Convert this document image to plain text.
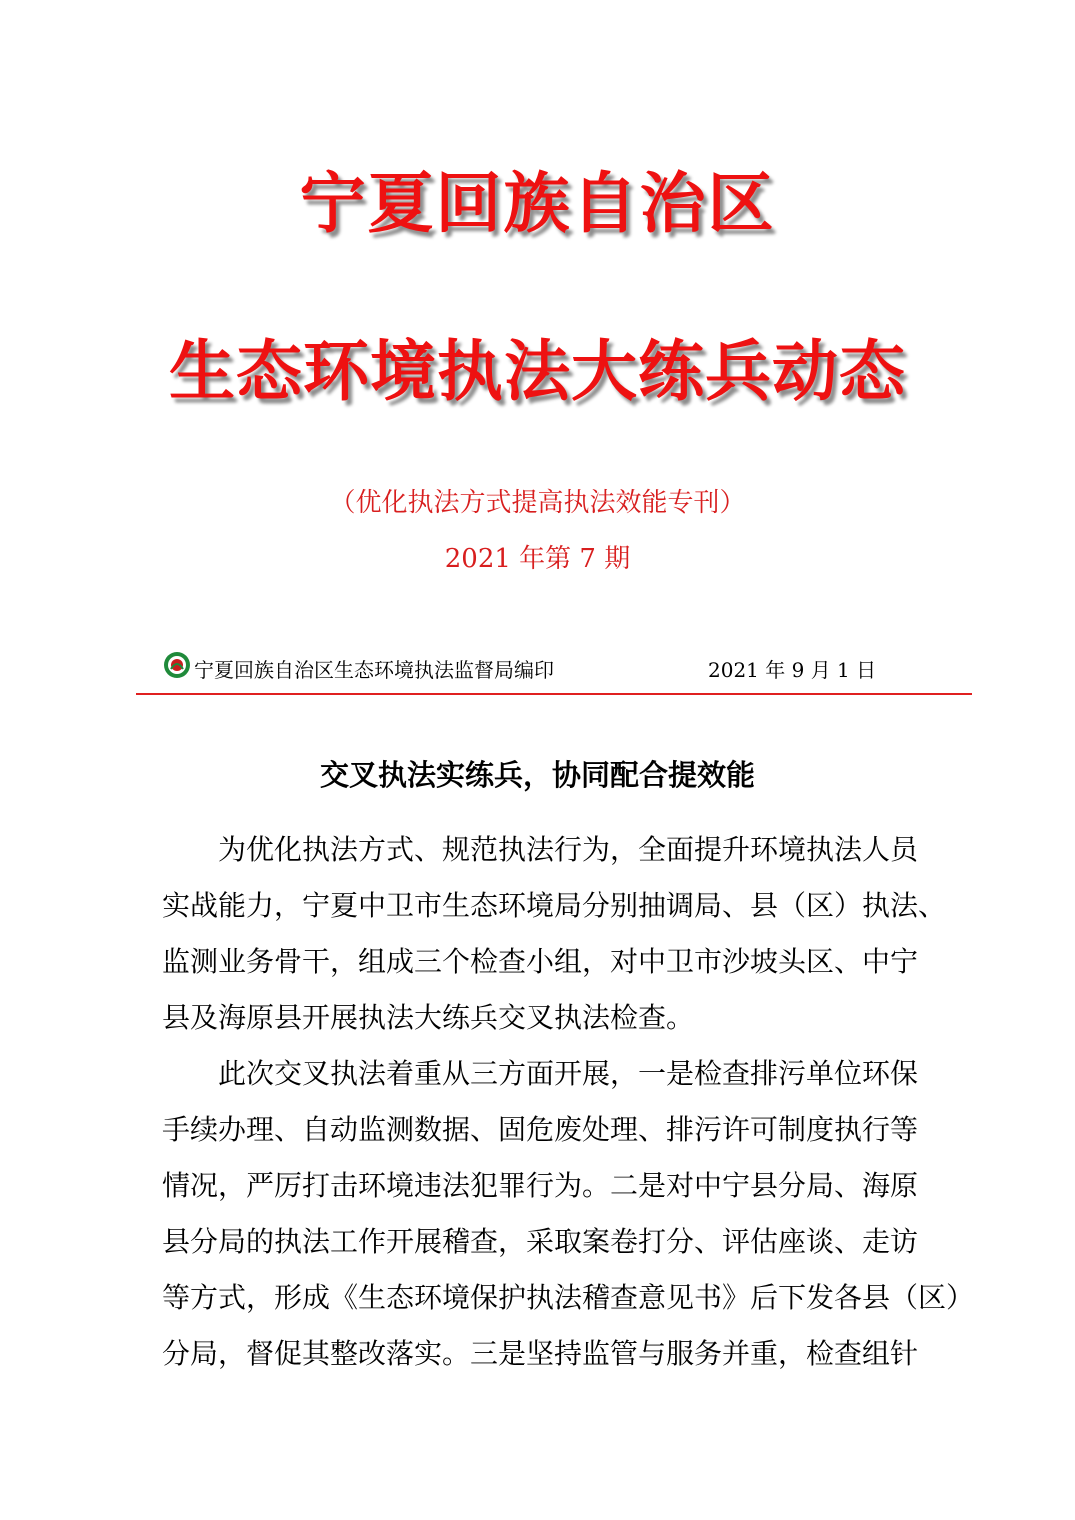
宁夏回族自治区
生态环境执法大练兵动态
（优化执法方式提高执法效能专刊）
2021 年第 7 期
宁夏回族自治区生态环境执法监督局编印	2021 年 9 月 1 日
交叉执法实练兵，协同配合提效能
为优化执法方式、规范执法行为，全面提升环境执法人员
实战能力，宁夏中卫市生态环境局分别抽调局、县（区）执法、
监测业务骨干，组成三个检查小组，对中卫市沙坡头区、中宁
县及海原县开展执法大练兵交叉执法检查。
此次交叉执法着重从三方面开展，一是检查排污单位环保
手续办理、自动监测数据、固危废处理、排污许可制度执行等
情况，严厉打击环境违法犯罪行为。二是对中宁县分局、海原
县分局的执法工作开展稽查，采取案卷打分、评估座谈、走访
等方式，形成《生态环境保护执法稽查意见书》后下发各县（区）
分局，督促其整改落实。三是坚持监管与服务并重，检查组针
